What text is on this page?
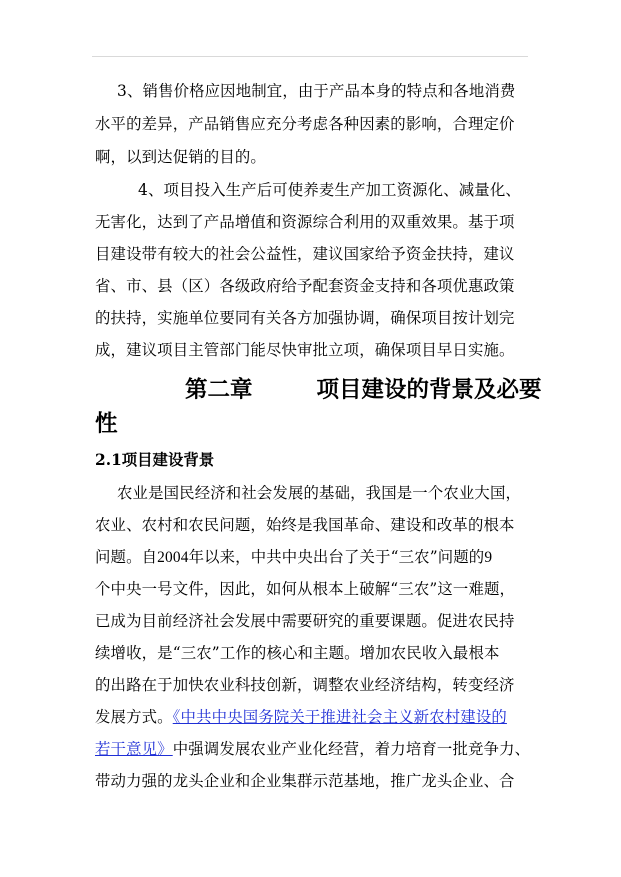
3、销售价格应因地制宜，由于产品本身的特点和各地消费
水平的差异，产品销售应充分考虑各种因素的影响，合理定价
啊，以到达促销的目的。
4、项目投入生产后可使养麦生产加工资源化、减量化、
无害化，达到了产品增值和资源综合利用的双重效果。基于项
目建设带有较大的社会公益性，建议国家给予资金扶持，建议
省、市、县（区）各级政府给予配套资金支持和各项优惠政策
的扶持，实施单位要同有关各方加强协调，确保项目按计划完
成，建议项目主管部门能尽快审批立项，确保项目早日实施。
第二章	项目建设的背景及必要
性
2.1项目建设背景
农业是国民经济和社会发展的基础，我国是一个农业大国，
农业、农村和农民问题，始终是我国革命、建设和改革的根本
问题。自2004年以来，中共中央出台了关于“三农”问题的9
个中央一号文件，因此，如何从根本上破解“三农”这一难题，
已成为目前经济社会发展中需要研究的重要课题。促进农民持
续增收，是“三农”工作的核心和主题。增加农民收入最根本
的出路在于加快农业科技创新，调整农业经济结构，转变经济
发展方式。《中共中央国务院关于推进社会主义新农村建设的
若干意见》中强调发展农业产业化经营，着力培育一批竞争力、
带动力强的龙头企业和企业集群示范基地，推广龙头企业、合
